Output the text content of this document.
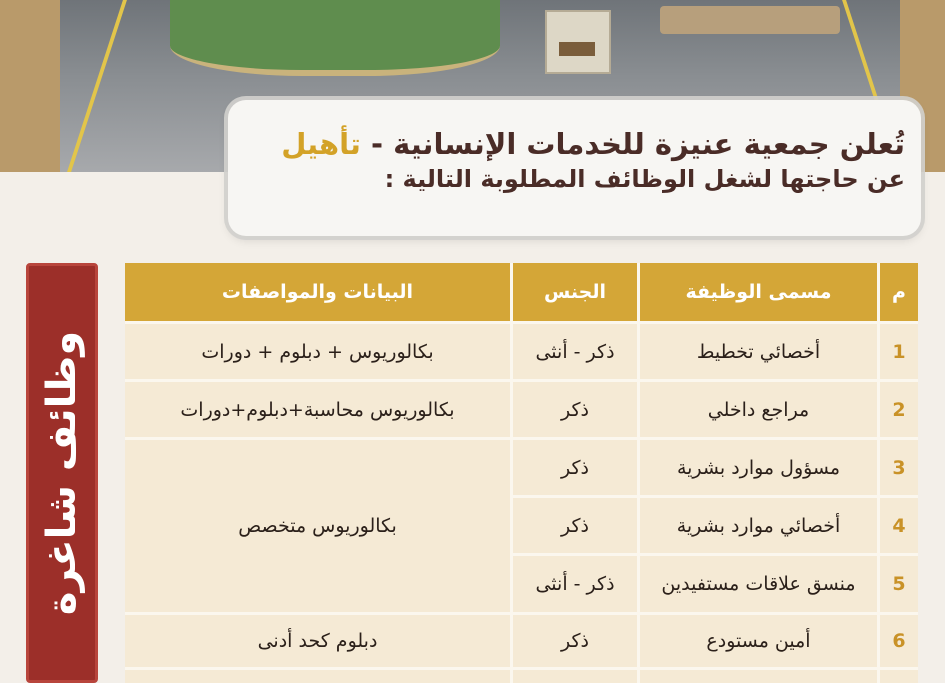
تُعلن جمعية عنيزة للخدمات الإنسانية - تأهيل
عن حاجتها لشغل الوظائف المطلوبة التالية :
وظائف شاغرة
م
مسمى الوظيفة
الجنس
البيانات والمواصفات
1
أخصائي تخطيط
ذكر - أنثى
بكالوريوس + دبلوم + دورات
2
مراجع داخلي
ذكر
بكالوريوس محاسبة+دبلوم+دورات
3
مسؤول موارد بشرية
ذكر
4
أخصائي موارد بشرية
ذكر
5
منسق علاقات مستفيدين
ذكر - أنثى
بكالوريوس متخصص
6
أمين مستودع
ذكر
دبلوم كحد أدنى
